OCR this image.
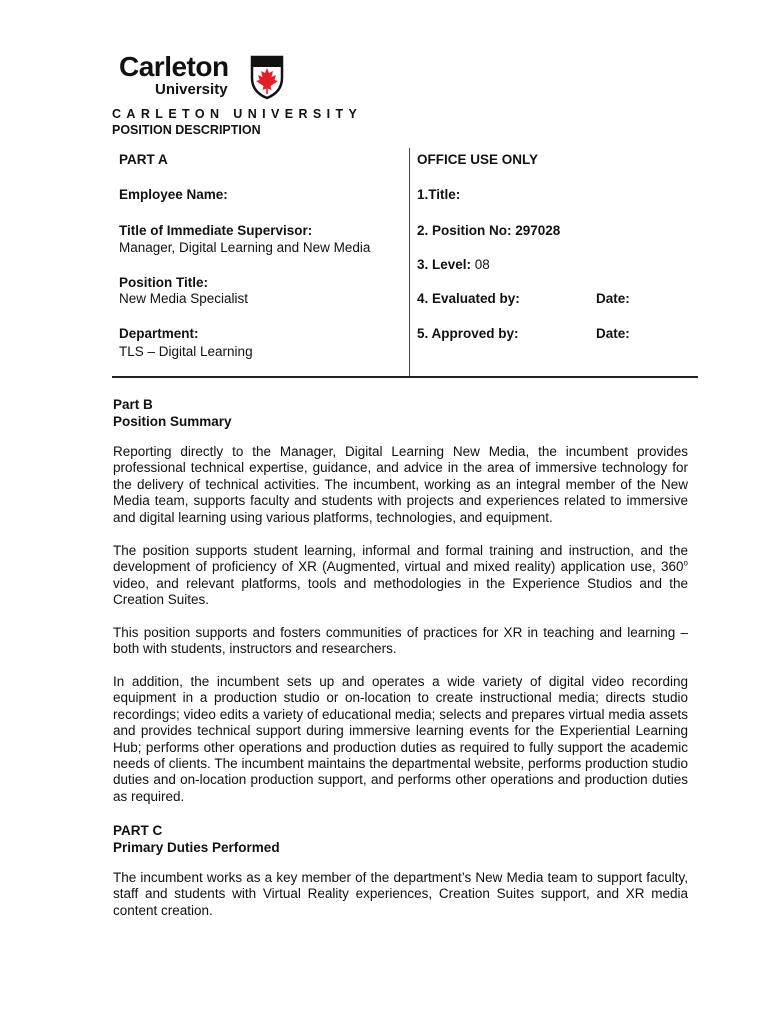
Carleton
University
CARLETON UNIVERSITY
POSITION DESCRIPTION
PART A
Employee Name:
Title of Immediate Supervisor:
Manager, Digital Learning and New Media
Position Title:
New Media Specialist
Department:
TLS – Digital Learning
OFFICE USE ONLY
1.Title:
2. Position No: 297028
3. Level: 08
4. Evaluated by:	Date:
5. Approved by:	Date:
Part B
Position Summary
Reporting directly to the Manager, Digital Learning New Media, the incumbent provides professional technical expertise, guidance, and advice in the area of immersive technology for the delivery of technical activities. The incumbent, working as an integral member of the New Media team, supports faculty and students with projects and experiences related to immersive and digital learning using various platforms, technologies, and equipment.
The position supports student learning, informal and formal training and instruction, and the development of proficiency of XR (Augmented, virtual and mixed reality) application use, 360$^o$ video, and relevant platforms, tools and methodologies in the Experience Studios and the Creation Suites.
This position supports and fosters communities of practices for XR in teaching and learning – both with students, instructors and researchers.
In addition, the incumbent sets up and operates a wide variety of digital video recording equipment in a production studio or on-location to create instructional media; directs studio recordings; video edits a variety of educational media; selects and prepares virtual media assets and provides technical support during immersive learning events for the Experiential Learning Hub; performs other operations and production duties as required to fully support the academic needs of clients. The incumbent maintains the departmental website, performs production studio duties and on-location production support, and performs other operations and production duties as required.
PART C
Primary Duties Performed
The incumbent works as a key member of the department’s New Media team to support faculty, staff and students with Virtual Reality experiences, Creation Suites support, and XR media content creation.
